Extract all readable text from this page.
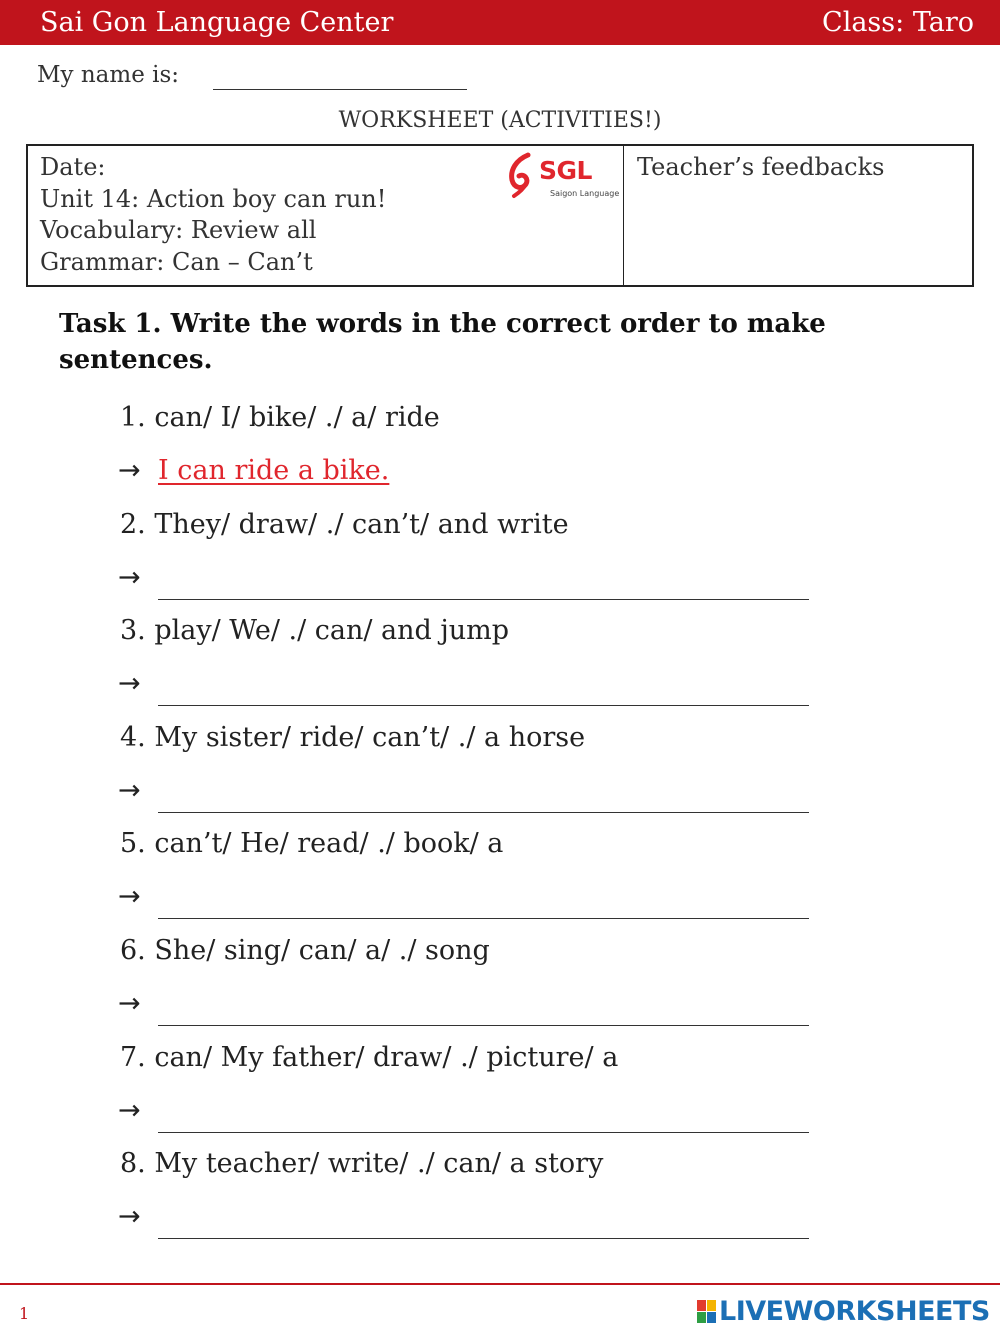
Sai Gon Language Center	Class: Taro
My name is:
WORKSHEET (ACTIVITIES!)
Date:
Unit 14: Action boy can run!
Vocabulary: Review all
Grammar: Can – Can’t
SGL
Saigon Language
Teacher’s feedbacks
Task 1. Write the words in the correct order to make sentences.
1. can/ I/ bike/ ./ a/ ride
→ I can ride a bike.
2. They/ draw/ ./ can’t/ and write
→
3. play/ We/ ./ can/ and jump
→
4. My sister/ ride/ can’t/ ./ a horse
→
5. can’t/ He/ read/ ./ book/ a
→
6. She/ sing/ can/ a/ ./ song
→
7. can/ My father/ draw/ ./ picture/ a
→
8. My teacher/ write/ ./ can/ a story
→
1	LIVEWORKSHEETS
